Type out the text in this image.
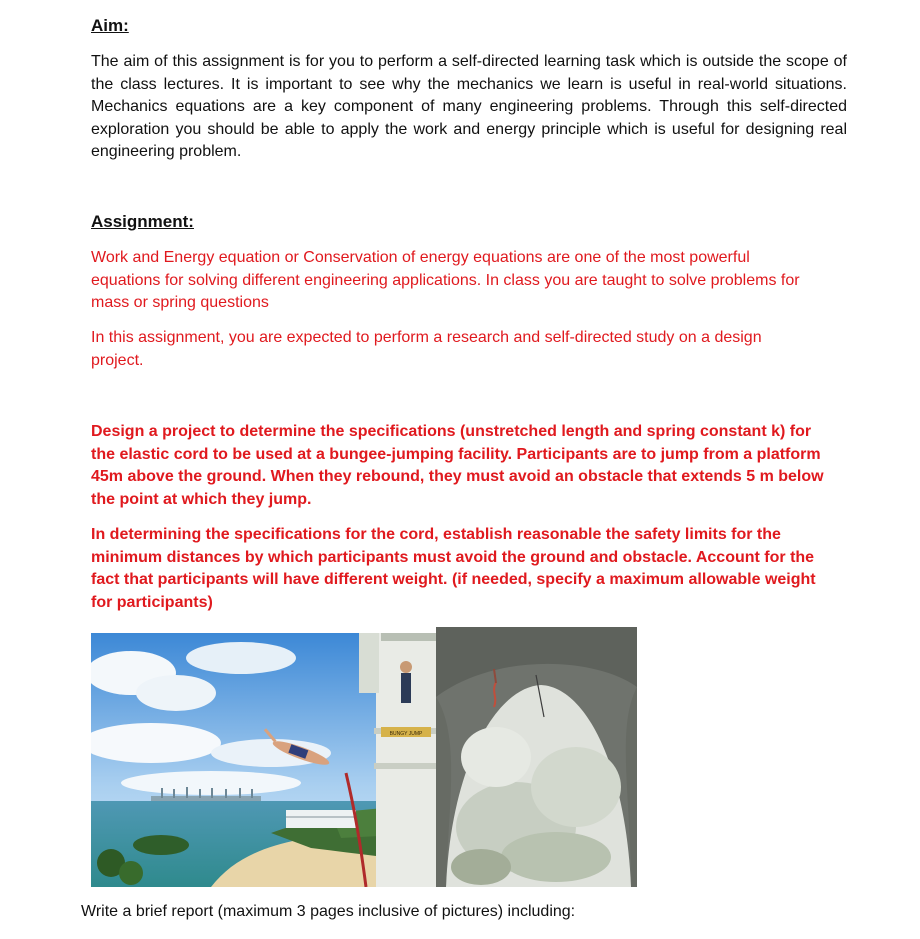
Aim:

The aim of this assignment is for you to perform a self-directed learning task which is outside the scope of the class lectures. It is important to see why the mechanics we learn is useful in real-world situations. Mechanics equations are a key component of many engineering problems. Through this self-directed exploration you should be able to apply the work and energy principle which is useful for designing real engineering problem.

Assignment:

Work and Energy equation or Conservation of energy equations are one of the most powerful equations for solving different engineering applications. In class you are taught to solve problems for mass or spring questions

In this assignment, you are expected to perform a research and self-directed study on a design project.

Design a project to determine the specifications (unstretched length and spring constant k) for the elastic cord to be used at a bungee-jumping facility. Participants are to jump from a platform 45m above the ground. When they rebound, they must avoid an obstacle that extends 5 m below the point at which they jump.

In determining the specifications for the cord, establish reasonable the safety limits for the minimum distances by which participants must avoid the ground and obstacle. Account for the fact that participants will have different weight. (if needed, specify a maximum allowable weight for participants)

BUNGY JUMP

Write a brief report (maximum 3 pages inclusive of pictures) including:
